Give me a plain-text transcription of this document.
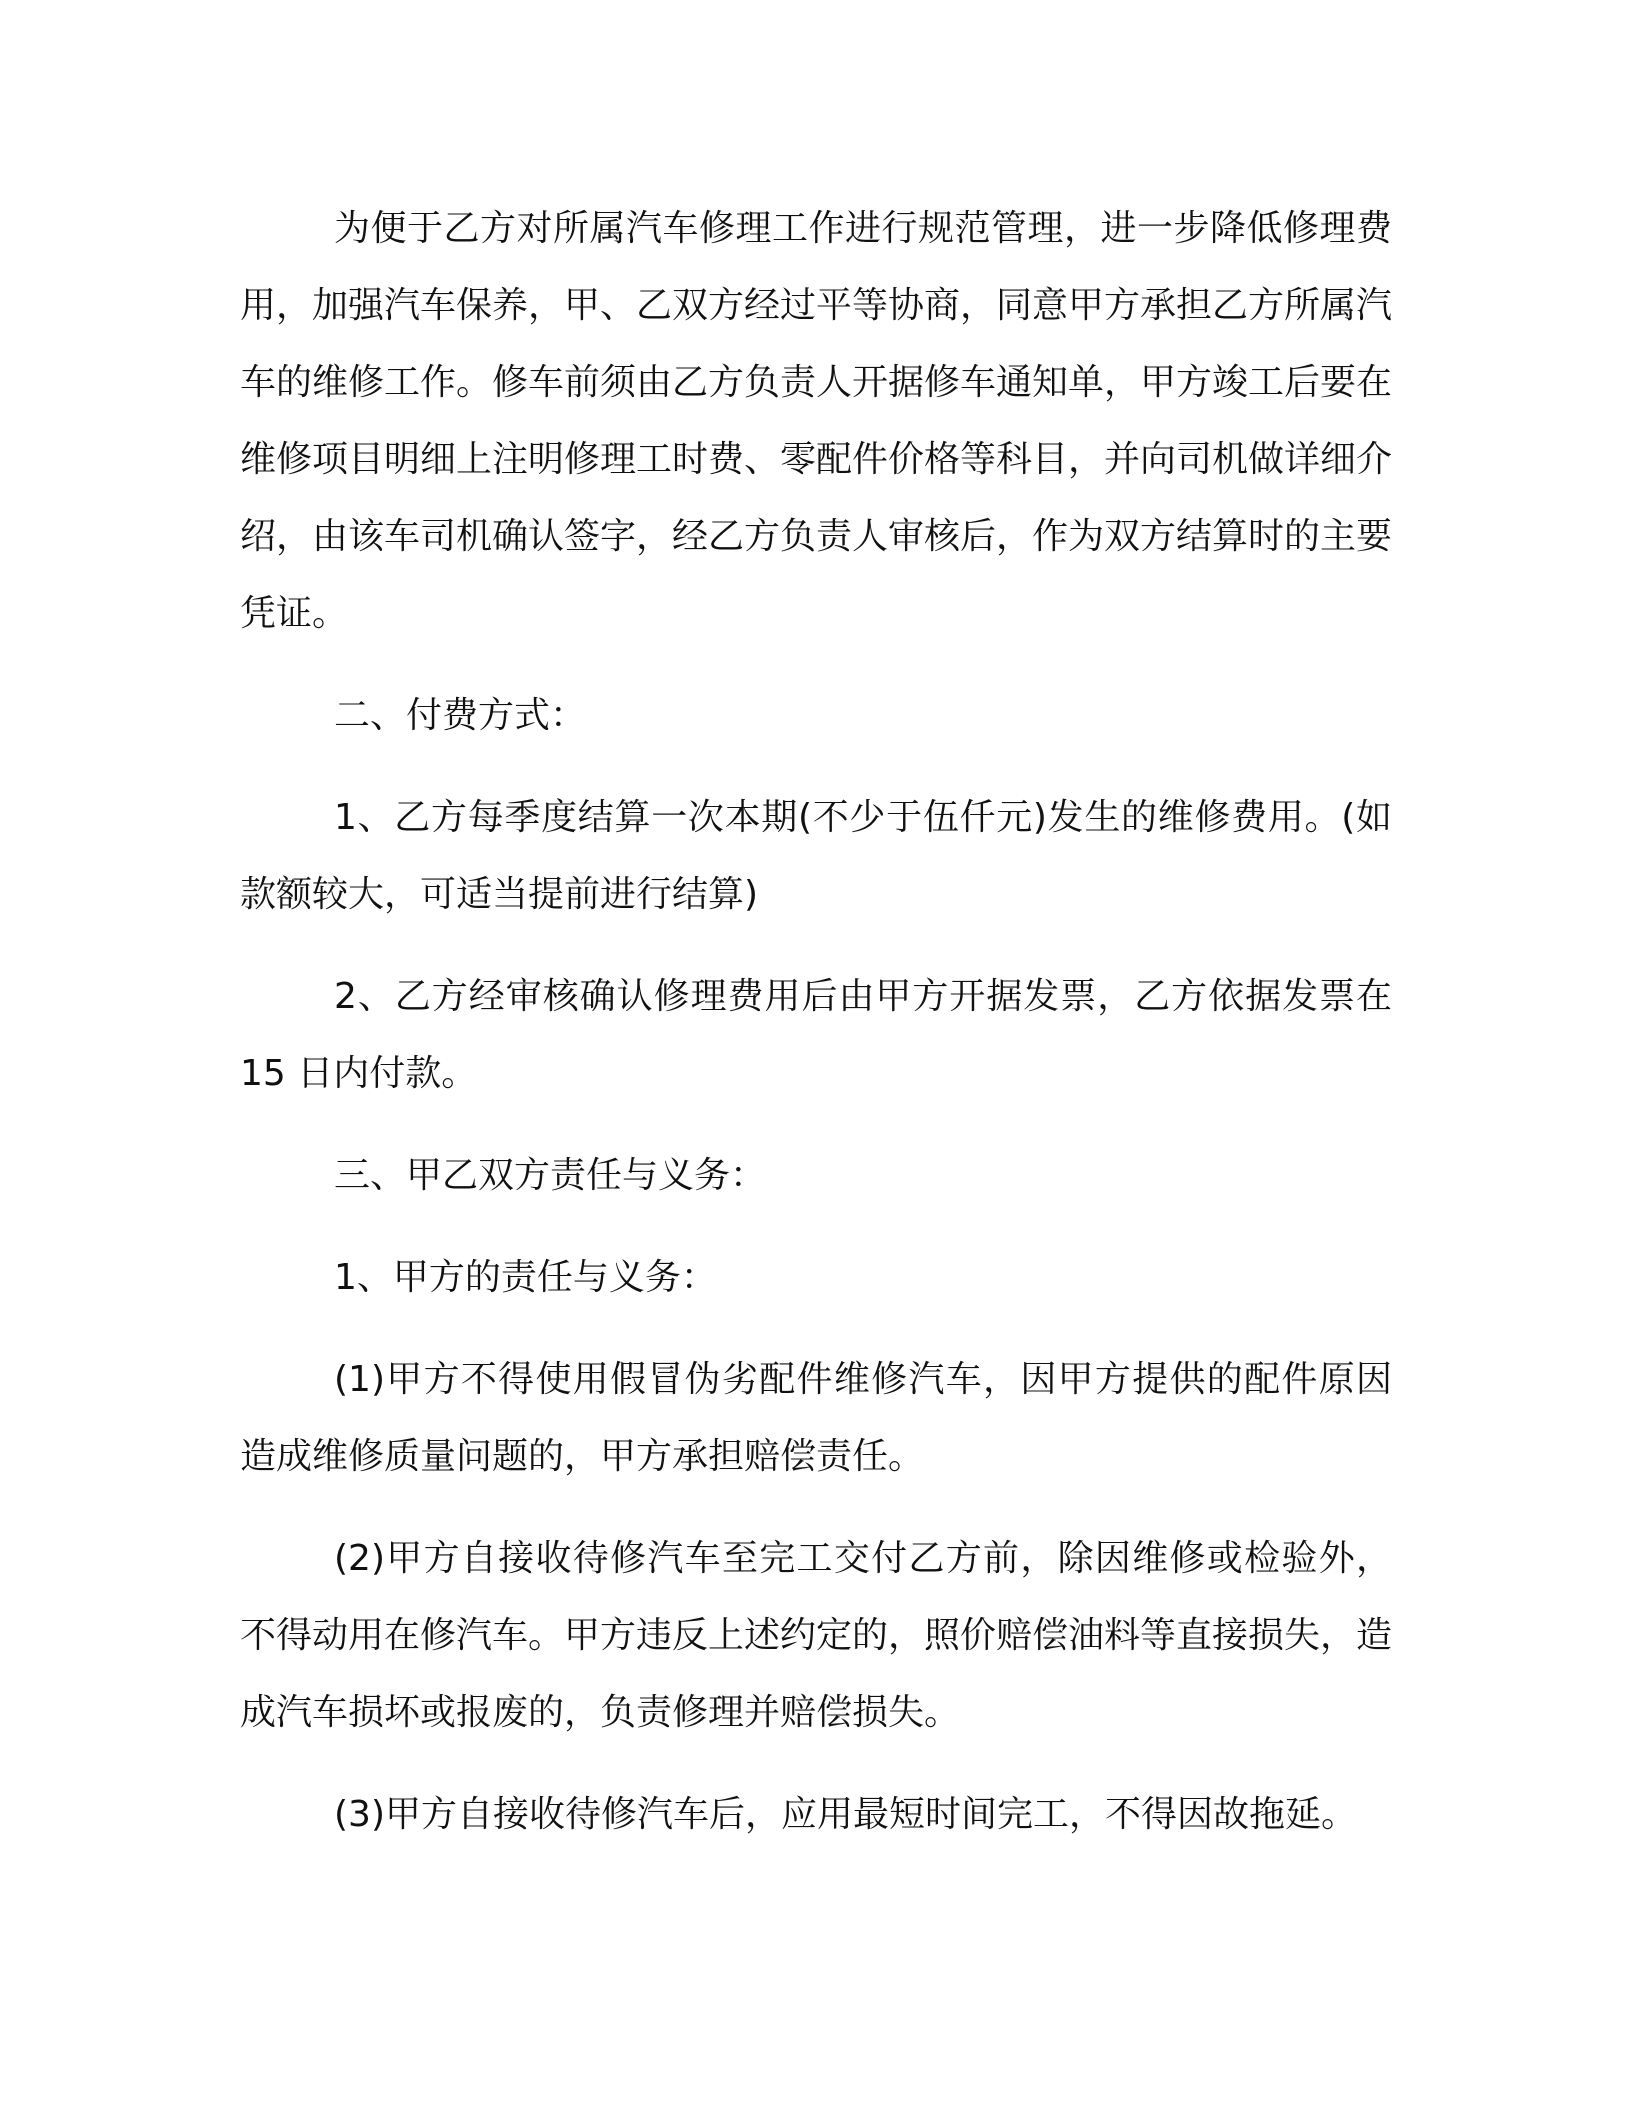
为便于乙方对所属汽车修理工作进行规范管理，进一步降低修理费用，加强汽车保养，甲、乙双方经过平等协商，同意甲方承担乙方所属汽车的维修工作。修车前须由乙方负责人开据修车通知单，甲方竣工后要在维修项目明细上注明修理工时费、零配件价格等科目，并向司机做详细介绍，由该车司机确认签字，经乙方负责人审核后，作为双方结算时的主要凭证。

二、付费方式：

1、乙方每季度结算一次本期(不少于伍仟元)发生的维修费用。(如款额较大，可适当提前进行结算)

2、乙方经审核确认修理费用后由甲方开据发票，乙方依据发票在 15 日内付款。

三、甲乙双方责任与义务：

1、甲方的责任与义务：

(1)甲方不得使用假冒伪劣配件维修汽车，因甲方提供的配件原因造成维修质量问题的，甲方承担赔偿责任。

(2)甲方自接收待修汽车至完工交付乙方前，除因维修或检验外，不得动用在修汽车。甲方违反上述约定的，照价赔偿油料等直接损失，造成汽车损坏或报废的，负责修理并赔偿损失。

(3)甲方自接收待修汽车后，应用最短时间完工，不得因故拖延。
